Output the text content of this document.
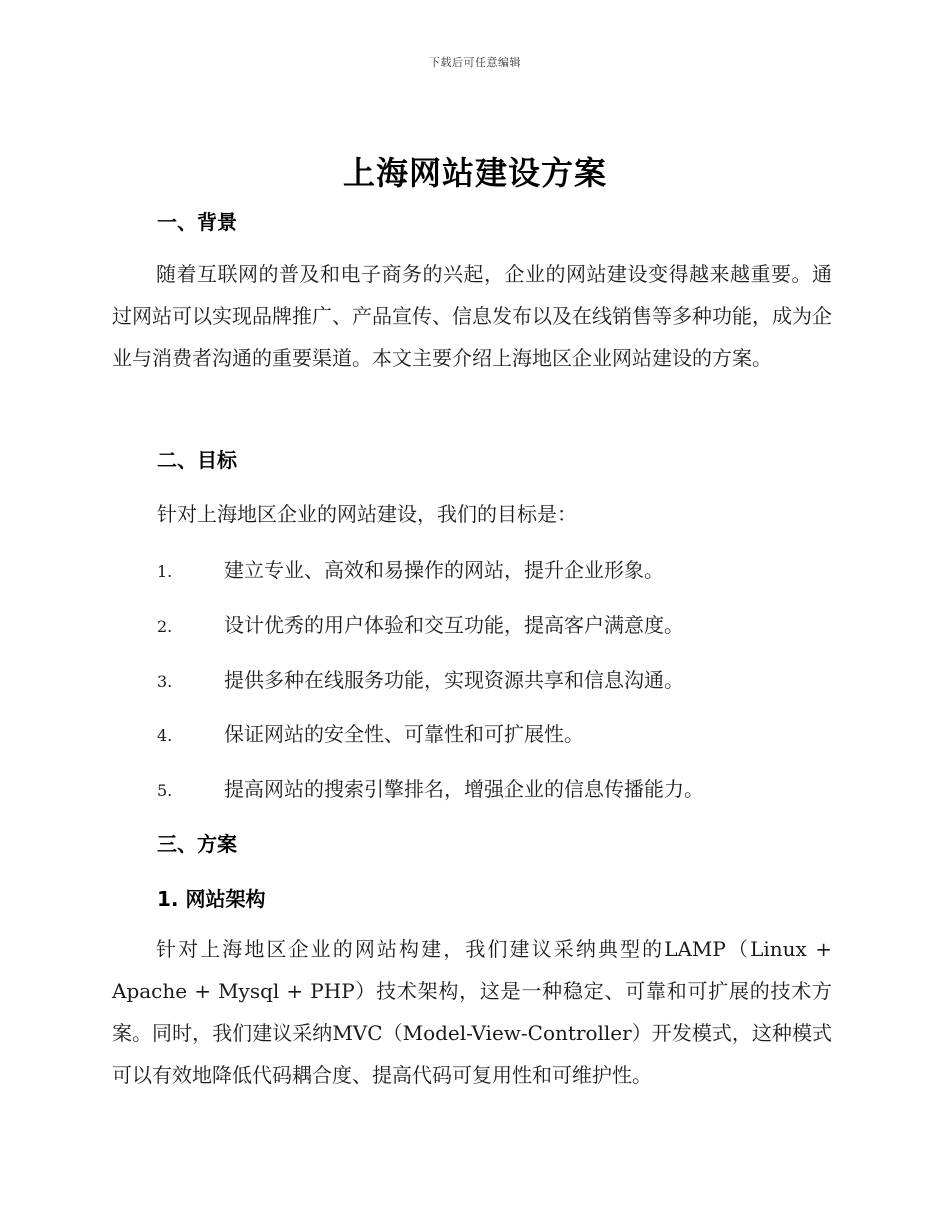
下载后可任意编辑
上海网站建设方案
一、背景

随着互联网的普及和电子商务的兴起，企业的网站建设变得越来越重要。通过网站可以实现品牌推广、产品宣传、信息发布以及在线销售等多种功能，成为企业与消费者沟通的重要渠道。本文主要介绍上海地区企业网站建设的方案。

二、目标

针对上海地区企业的网站建设，我们的目标是：

1.	建立专业、高效和易操作的网站，提升企业形象。
2.	设计优秀的用户体验和交互功能，提高客户满意度。
3.	提供多种在线服务功能，实现资源共享和信息沟通。
4.	保证网站的安全性、可靠性和可扩展性。
5.	提高网站的搜索引擎排名，增强企业的信息传播能力。
三、方案
1. 网站架构

针对上海地区企业的网站构建，我们建议采纳典型的LAMP（Linux + Apache + Mysql + PHP）技术架构，这是一种稳定、可靠和可扩展的技术方案。同时，我们建议采纳MVC（Model-View-Controller）开发模式，这种模式可以有效地降低代码耦合度、提高代码可复用性和可维护性。
